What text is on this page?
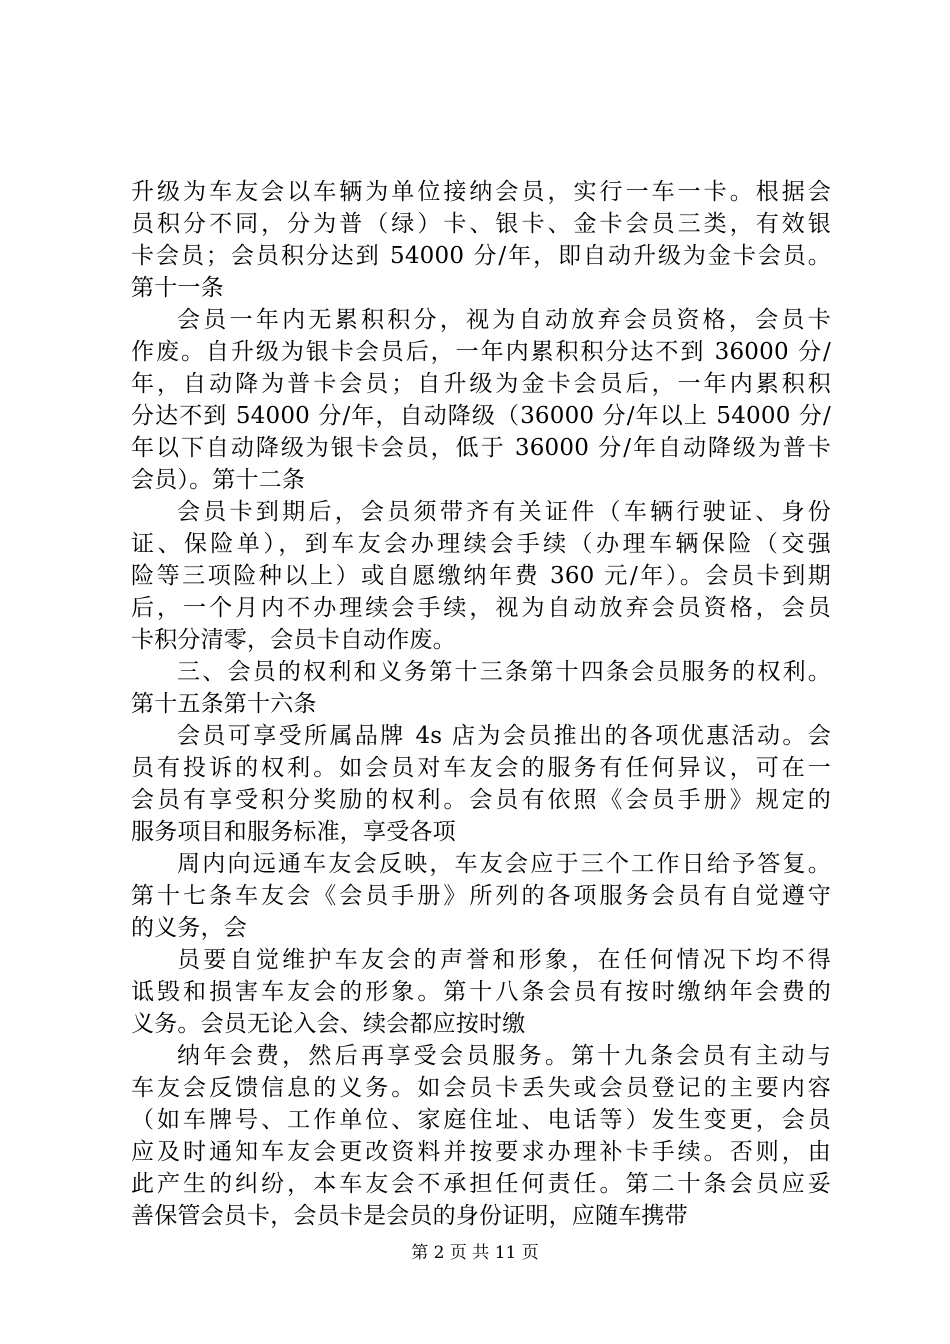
升级为车友会以车辆为单位接纳会员，实行一车一卡。根据会
员积分不同，分为普（绿）卡、银卡、金卡会员三类，有效银
卡会员；会员积分达到 54000 分/年，即自动升级为金卡会员。
第十一条
会员一年内无累积积分，视为自动放弃会员资格，会员卡
作废。自升级为银卡会员后，一年内累积积分达不到 36000 分/
年，自动降为普卡会员；自升级为金卡会员后，一年内累积积
分达不到 54000 分/年，自动降级（36000 分/年以上 54000 分/
年以下自动降级为银卡会员，低于 36000 分/年自动降级为普卡
会员）。第十二条
会员卡到期后，会员须带齐有关证件（车辆行驶证、身份
证、保险单），到车友会办理续会手续（办理车辆保险（交强
险等三项险种以上）或自愿缴纳年费 360 元/年）。会员卡到期
后，一个月内不办理续会手续，视为自动放弃会员资格，会员
卡积分清零，会员卡自动作废。
三、会员的权利和义务第十三条第十四条会员服务的权利。
第十五条第十六条
会员可享受所属品牌 4s 店为会员推出的各项优惠活动。会
员有投诉的权利。如会员对车友会的服务有任何异议，可在一
会员有享受积分奖励的权利。会员有依照《会员手册》规定的
服务项目和服务标准，享受各项
周内向远通车友会反映，车友会应于三个工作日给予答复。
第十七条车友会《会员手册》所列的各项服务会员有自觉遵守
的义务，会
员要自觉维护车友会的声誉和形象，在任何情况下均不得
诋毁和损害车友会的形象。第十八条会员有按时缴纳年会费的
义务。会员无论入会、续会都应按时缴
纳年会费，然后再享受会员服务。第十九条会员有主动与
车友会反馈信息的义务。如会员卡丢失或会员登记的主要内容
（如车牌号、工作单位、家庭住址、电话等）发生变更，会员
应及时通知车友会更改资料并按要求办理补卡手续。否则，由
此产生的纠纷，本车友会不承担任何责任。第二十条会员应妥
善保管会员卡，会员卡是会员的身份证明，应随车携带
第 2 页 共 11 页
